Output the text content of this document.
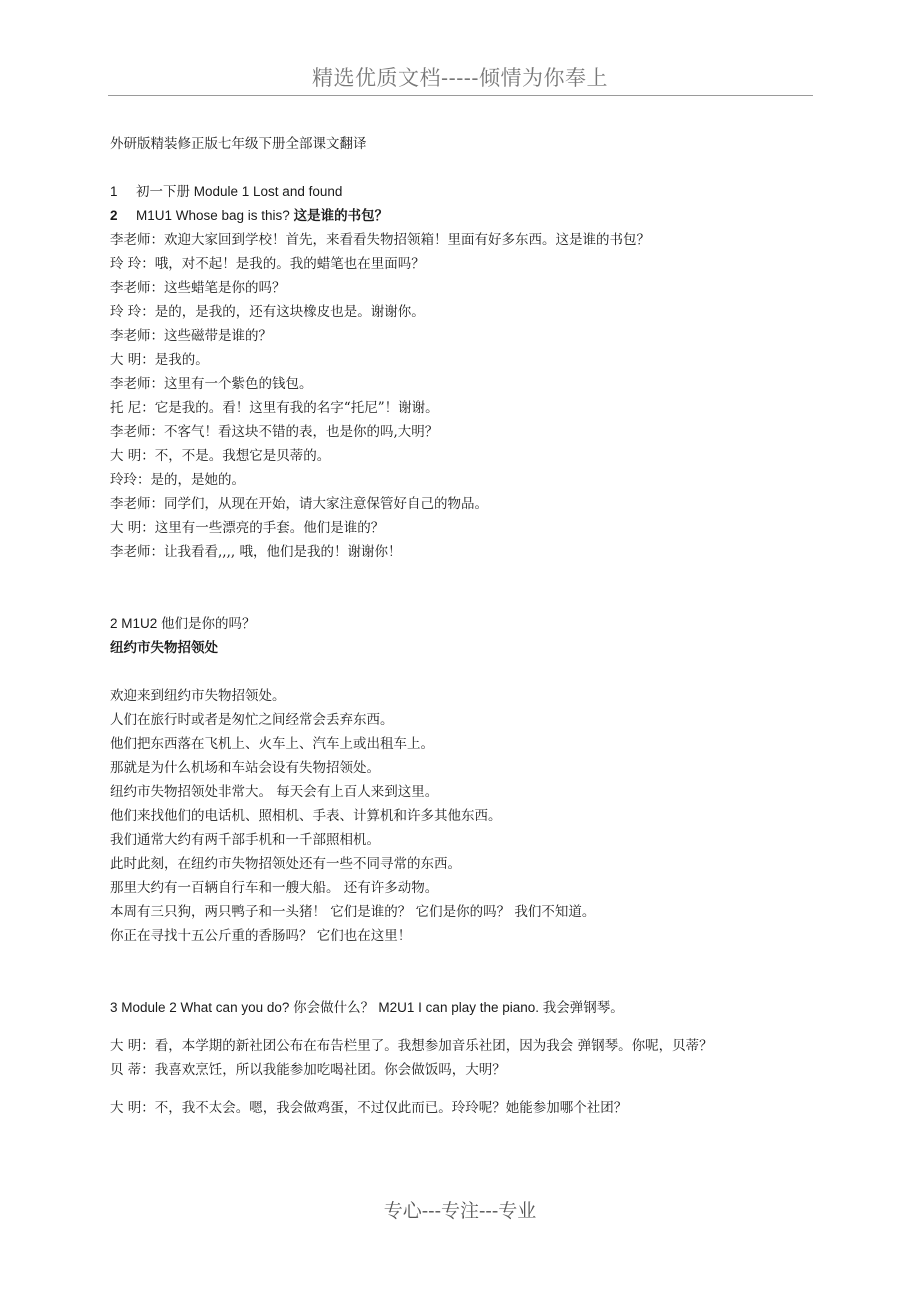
精选优质文档-----倾情为你奉上
外研版精装修正版七年级下册全部课文翻译
1 初一下册 Module 1 Lost and found
2 M1U1 Whose bag is this? 这是谁的书包？
李老师：欢迎大家回到学校！首先，来看看失物招领箱！里面有好多东西。这是谁的书包？
玲 玲：哦，对不起！是我的。我的蜡笔也在里面吗？
李老师：这些蜡笔是你的吗？
玲 玲：是的，是我的，还有这块橡皮也是。谢谢你。
李老师：这些磁带是谁的？
大 明：是我的。
李老师：这里有一个紫色的钱包。
托 尼：它是我的。看！这里有我的名字“托尼”！谢谢。
李老师：不客气！看这块不错的表，也是你的吗,大明？
大 明：不，不是。我想它是贝蒂的。
玲玲：是的，是她的。
李老师：同学们，从现在开始，请大家注意保管好自己的物品。
大 明：这里有一些漂亮的手套。他们是谁的？
李老师：让我看看,,,, 哦，他们是我的！谢谢你！
2 M1U2 他们是你的吗？
纽约市失物招领处
欢迎来到纽约市失物招领处。
人们在旅行时或者是匆忙之间经常会丢弃东西。
他们把东西落在飞机上、火车上、汽车上或出租车上。
那就是为什么机场和车站会设有失物招领处。
纽约市失物招领处非常大。 每天会有上百人来到这里。
他们来找他们的电话机、照相机、手表、计算机和许多其他东西。
我们通常大约有两千部手机和一千部照相机。
此时此刻，在纽约市失物招领处还有一些不同寻常的东西。
那里大约有一百辆自行车和一艘大船。 还有许多动物。
本周有三只狗，两只鸭子和一头猪！ 它们是谁的？ 它们是你的吗？ 我们不知道。
你正在寻找十五公斤重的香肠吗？ 它们也在这里！
3 Module 2 What can you do? 你会做什么？ M2U1 I can play the piano. 我会弹钢琴。
大 明：看，本学期的新社团公布在布告栏里了。我想参加音乐社团，因为我会 弹钢琴。你呢，贝蒂？
贝 蒂：我喜欢烹饪，所以我能参加吃喝社团。你会做饭吗，大明？
大 明：不，我不太会。嗯，我会做鸡蛋，不过仅此而已。玲玲呢？她能参加哪个社团？
专心---专注---专业
